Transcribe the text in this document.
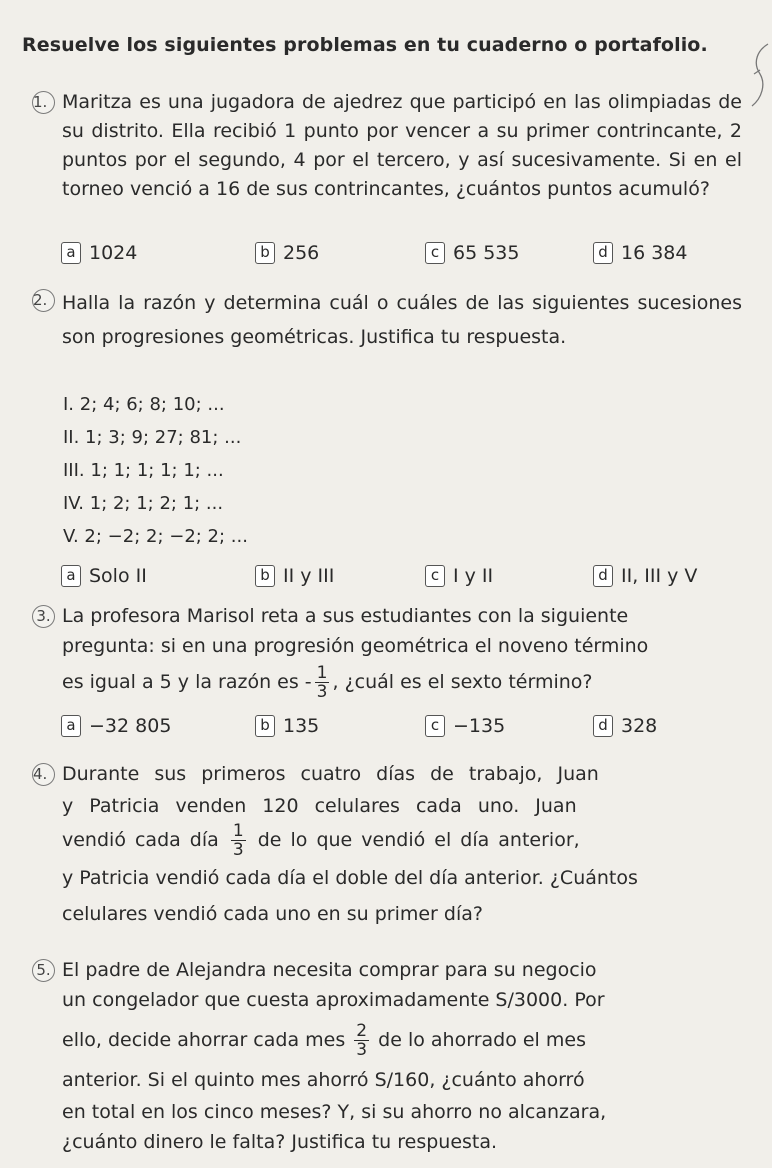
Resuelve los siguientes problemas en tu cuaderno o portafolio.
1. Maritza es una jugadora de ajedrez que participó en las olimpiadas de su distrito. Ella recibió 1 punto por vencer a su primer contrincante, 2 puntos por el segundo, 4 por el tercero, y así sucesivamente. Si en el torneo venció a 16 de sus contrincantes, ¿cuántos puntos acumuló?
a 1024	b 256	c 65 535	d 16 384
2. Halla la razón y determina cuál o cuáles de las siguientes sucesiones son progresiones geométricas. Justifica tu respuesta.
I. 2; 4; 6; 8; 10; ...
II. 1; 3; 9; 27; 81; ...
III. 1; 1; 1; 1; 1; ...
IV. 1; 2; 1; 2; 1; ...
V. 2; −2; 2; −2; 2; ...
a Solo II	b II y III	c I y II	d II, III y V
3. La profesora Marisol reta a sus estudiantes con la siguiente
pregunta: si en una progresión geométrica el noveno término
es igual a 5 y la razón es - $\frac{1}{3}$ , ¿cuál es el sexto término?
a −32 805	b 135	c −135	d 328
4. Durante sus primeros cuatro días de trabajo, Juan
y Patricia venden 120 celulares cada uno. Juan
vendió cada día $\frac{1}{3}$ de lo que vendió el día anterior,
y Patricia vendió cada día el doble del día anterior. ¿Cuántos
celulares vendió cada uno en su primer día?
5. El padre de Alejandra necesita comprar para su negocio
un congelador que cuesta aproximadamente S/3000. Por
ello, decide ahorrar cada mes $\frac{2}{3}$ de lo ahorrado el mes
anterior. Si el quinto mes ahorró S/160, ¿cuánto ahorró
en total en los cinco meses? Y, si su ahorro no alcanzara,
¿cuánto dinero le falta? Justifica tu respuesta.
